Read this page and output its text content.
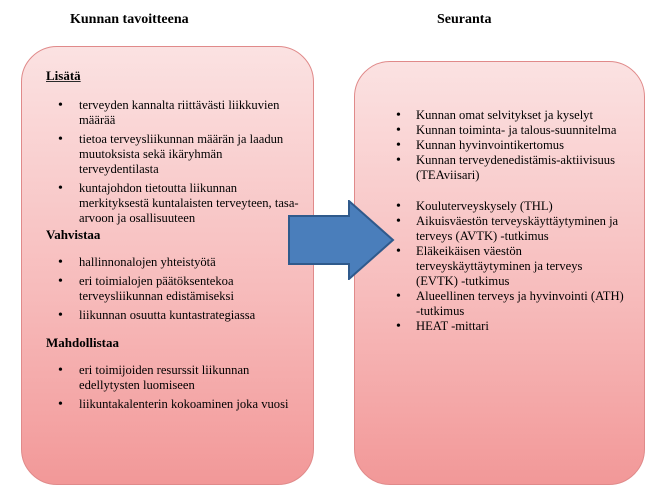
Kunnan tavoitteena	Seuranta
Lisätä
• terveyden kannalta riittävästi liikkuvien määrää
• tietoa terveysliikunnan määrän ja laadun muutoksista sekä ikäryhmän terveydentilasta
• kuntajohdon tietoutta liikunnan merkityksestä kuntalaisten terveyteen, tasa-arvoon ja osallisuuteen
Vahvistaa
• hallinnonalojen yhteistyötä
• eri toimialojen päätöksentekoa terveysliikunnan edistämiseksi
• liikunnan osuutta kuntastrategiassa
Mahdollistaa
• eri toimijoiden resurssit liikunnan edellytysten luomiseen
• liikuntakalenterin kokoaminen joka vuosi
• Kunnan omat selvitykset ja kyselyt
• Kunnan toiminta- ja talous-suunnitelma
• Kunnan hyvinvointikertomus
• Kunnan terveydenedistämis-aktiivisuus (TEAviisari)
• Kouluterveyskysely (THL)
• Aikuisväestön terveyskäyttäytyminen ja terveys (AVTK) -tutkimus
• Eläkeikäisen väestön terveyskäyttäytyminen ja terveys (EVTK) -tutkimus
• Alueellinen terveys ja hyvinvointi (ATH) -tutkimus
• HEAT -mittari
